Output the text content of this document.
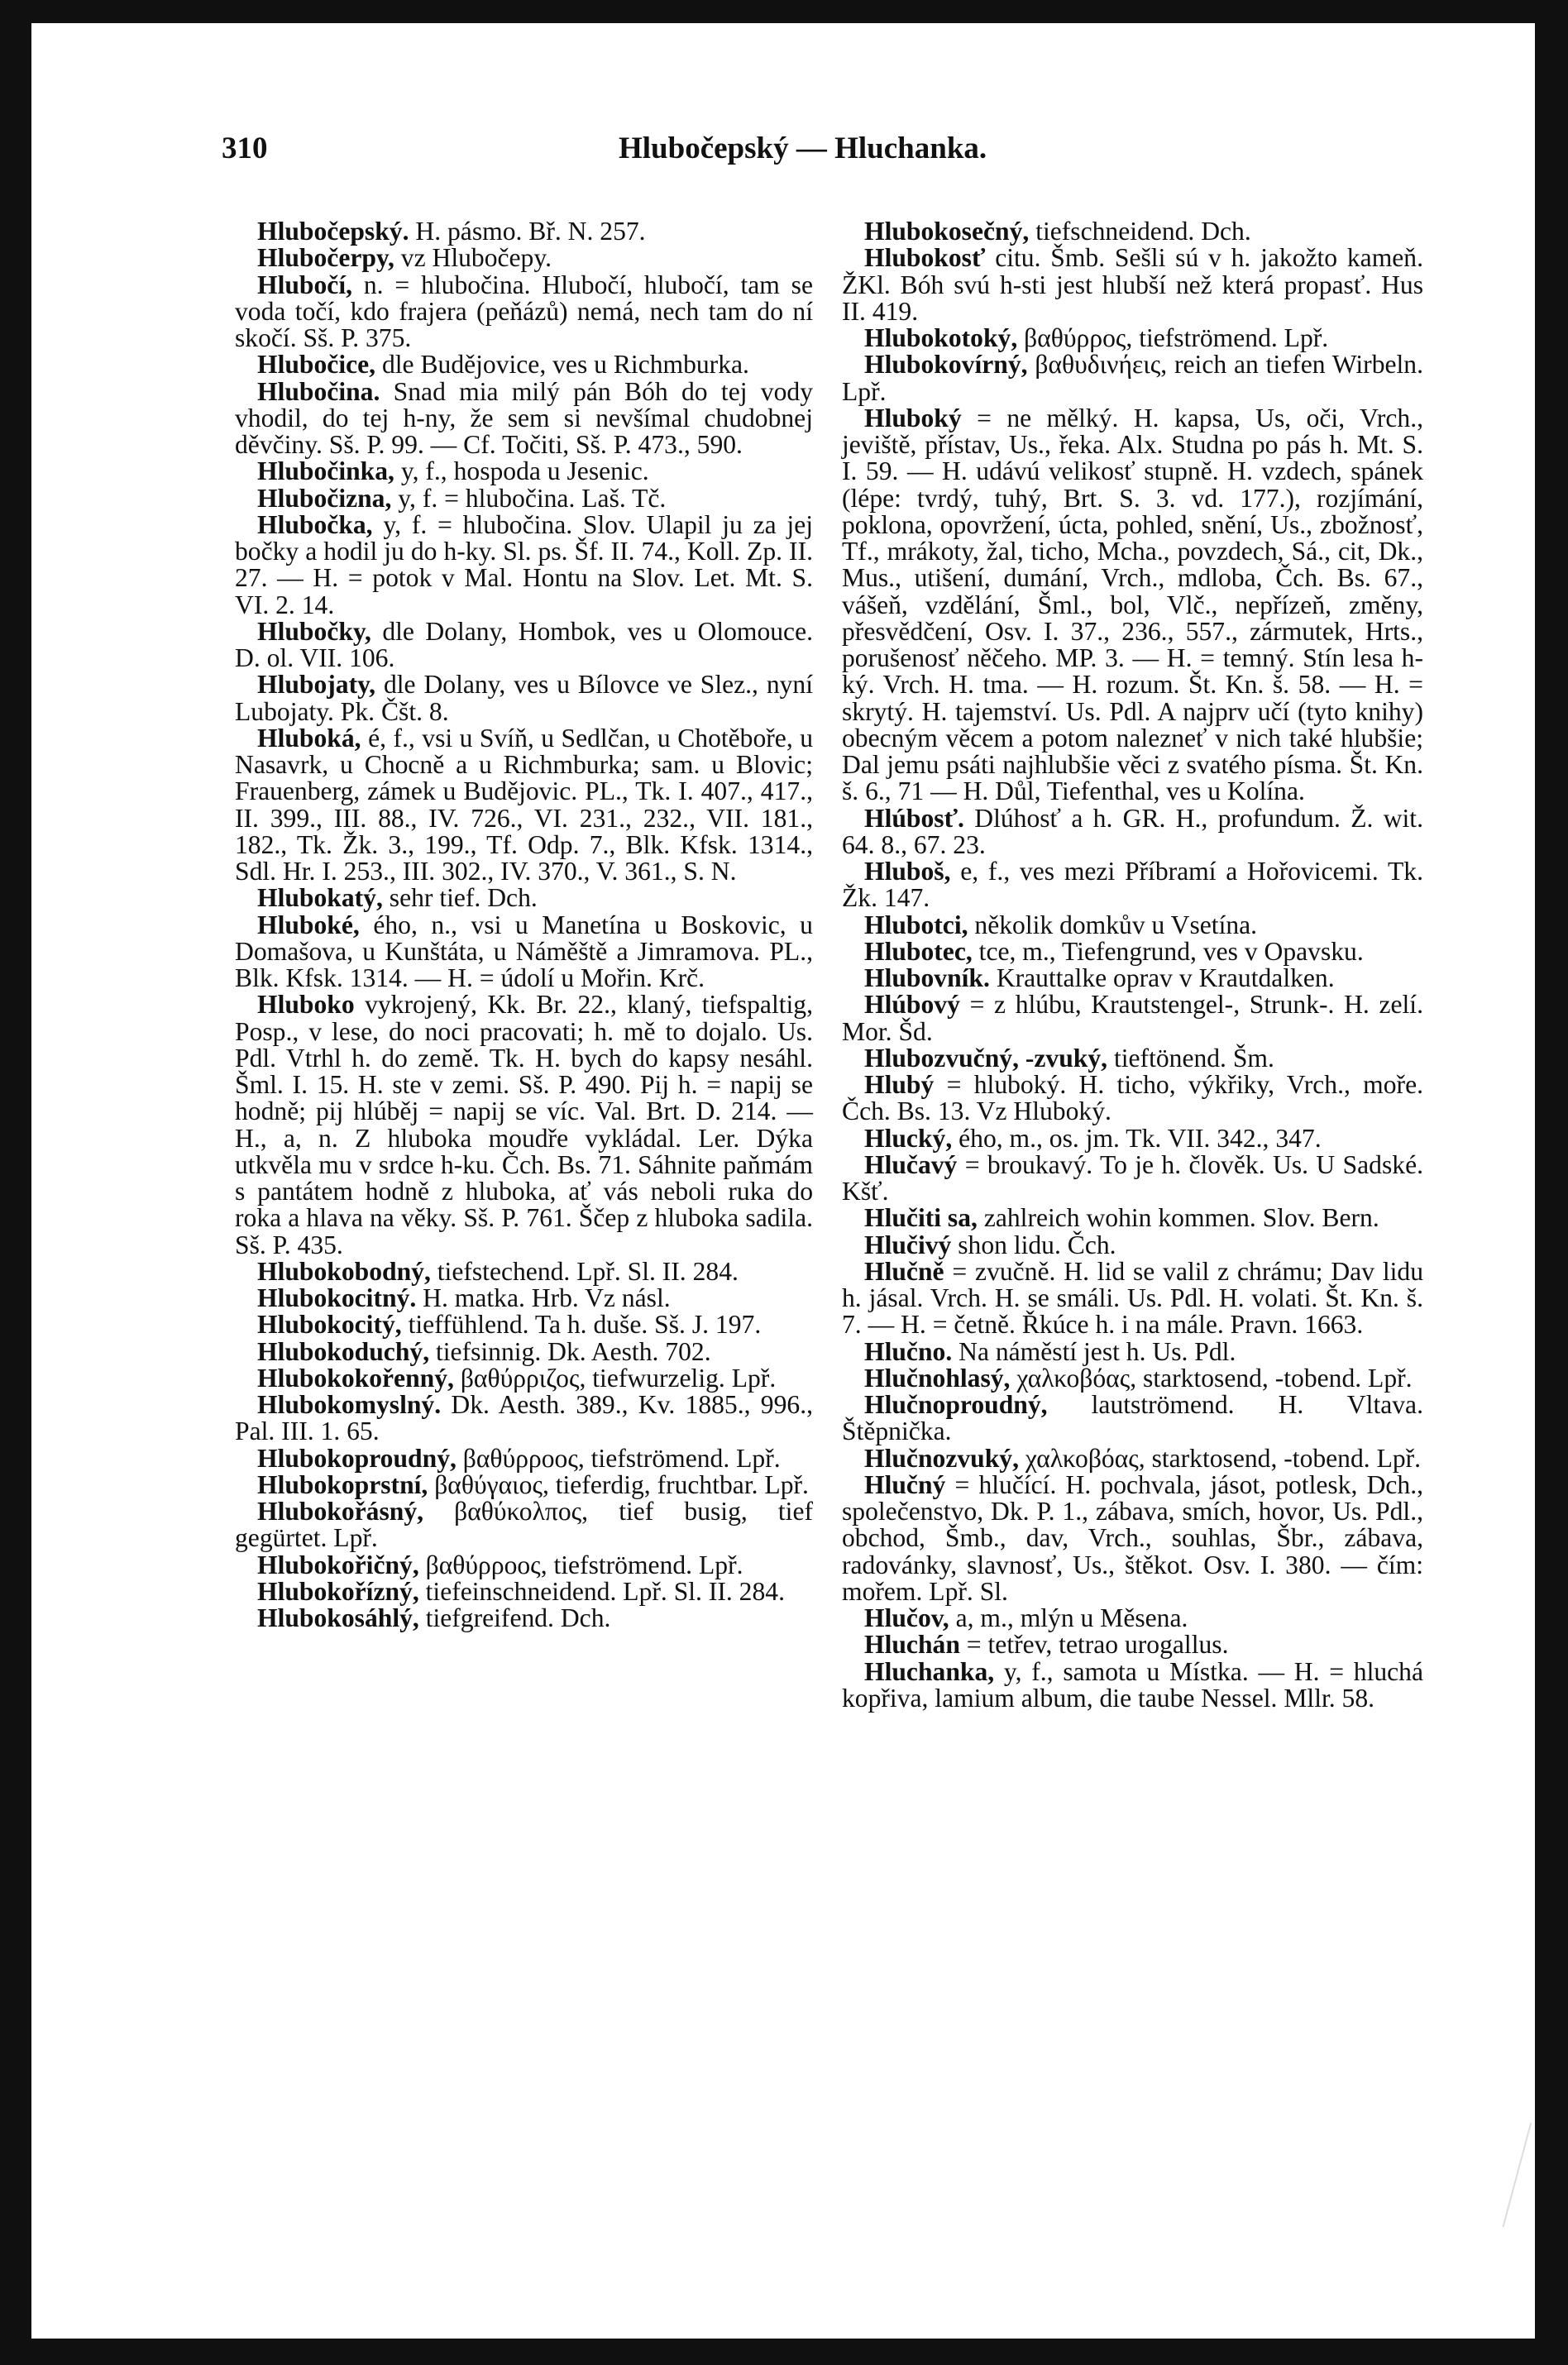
310	Hlubočepský — Hluchanka.

Hlubočepský. H. pásmo. Bř. N. 257.

Hlubočerpy, vz Hlubočepy.

Hlubočí, n. = hlubočina. Hlubočí, hlubočí, tam se voda točí, kdo frajera (peňázů) nemá, nech tam do ní skočí. Sš. P. 375.

Hlubočice, dle Budějovice, ves u Richmburka.

Hlubočina. Snad mia milý pán Bóh do tej vody vhodil, do tej h-ny, že sem si nevšímal chudobnej děvčiny. Sš. P. 99. — Cf. Točiti, Sš. P. 473., 590.

Hlubočinka, y, f., hospoda u Jesenic.

Hlubočizna, y, f. = hlubočina. Laš. Tč.

Hlubočka, y, f. = hlubočina. Slov. Ulapil ju za jej bočky a hodil ju do h-ky. Sl. ps. Šf. II. 74., Koll. Zp. II. 27. — H. = potok v Mal. Hontu na Slov. Let. Mt. S. VI. 2. 14.

Hlubočky, dle Dolany, Hombok, ves u Olomouce. D. ol. VII. 106.

Hlubojaty, dle Dolany, ves u Bílovce ve Slez., nyní Lubojaty. Pk. Čšt. 8.

Hluboká, é, f., vsi u Svíň, u Sedlčan, u Chotěboře, u Nasavrk, u Chocně a u Richmburka; sam. u Blovic; Frauenberg, zámek u Budějovic. PL., Tk. I. 407., 417., II. 399., III. 88., IV. 726., VI. 231., 232., VII. 181., 182., Tk. Žk. 3., 199., Tf. Odp. 7., Blk. Kfsk. 1314., Sdl. Hr. I. 253., III. 302., IV. 370., V. 361., S. N.

Hlubokatý, sehr tief. Dch.

Hluboké, ého, n., vsi u Manetína u Boskovic, u Domašova, u Kunštáta, u Náměště a Jimramova. PL., Blk. Kfsk. 1314. — H. = údolí u Mořin. Krč.

Hluboko vykrojený, Kk. Br. 22., klaný, tiefspaltig, Posp., v lese, do noci pracovati; h. mě to dojalo. Us. Pdl. Vtrhl h. do země. Tk. H. bych do kapsy nesáhl. Šml. I. 15. H. ste v zemi. Sš. P. 490. Pij h. = napij se hodně; pij hlúběj = napij se víc. Val. Brt. D. 214. — H., a, n. Z hluboka moudře vykládal. Ler. Dýka utkvěla mu v srdce h-ku. Čch. Bs. 71. Sáhnite paňmám s pantátem hodně z hluboka, ať vás neboli ruka do roka a hlava na věky. Sš. P. 761. Ščep z hluboka sadila. Sš. P. 435.

Hlubokobodný, tiefstechend. Lpř. Sl. II. 284.

Hlubokocitný. H. matka. Hrb. Vz násl.

Hlubokocitý, tieffühlend. Ta h. duše. Sš. J. 197.

Hlubokoduchý, tiefsinnig. Dk. Aesth. 702.

Hlubokokořenný, βαθύρριζος, tiefwurzelig. Lpř.

Hlubokomyslný. Dk. Aesth. 389., Kv. 1885., 996., Pal. III. 1. 65.

Hlubokoproudný, βαθύρροος, tiefströmend. Lpř.

Hlubokoprstní, βαθύγαιος, tieferdig, fruchtbar. Lpř.

Hlubokořásný, βαθύκολπος, tief busig, tief gegürtet. Lpř.

Hlubokořičný, βαθύρροος, tiefströmend. Lpř.

Hlubokořízný, tiefeinschneidend. Lpř. Sl. II. 284.

Hlubokosáhlý, tiefgreifend. Dch.

Hlubokosečný, tiefschneidend. Dch.

Hlubokosť citu. Šmb. Sešli sú v h. jakožto kameň. ŽKl. Bóh svú h-sti jest hlubší než která propasť. Hus II. 419.

Hlubokotoký, βαθύρρος, tiefströmend. Lpř.

Hlubokovírný, βαθυδινήεις, reich an tiefen Wirbeln. Lpř.

Hluboký = ne mělký. H. kapsa, Us, oči, Vrch., jeviště, přístav, Us., řeka. Alx. Studna po pás h. Mt. S. I. 59. — H. udávú velikosť stupně. H. vzdech, spánek (lépe: tvrdý, tuhý, Brt. S. 3. vd. 177.), rozjímání, poklona, opovržení, úcta, pohled, snění, Us., zbožnosť, Tf., mrákoty, žal, ticho, Mcha., povzdech, Sá., cit, Dk., Mus., utišení, dumání, Vrch., mdloba, Čch. Bs. 67., vášeň, vzdělání, Šml., bol, Vlč., nepřízeň, změny, přesvědčení, Osv. I. 37., 236., 557., zármutek, Hrts., porušenosť něčeho. MP. 3. — H. = temný. Stín lesa h-ký. Vrch. H. tma. — H. rozum. Št. Kn. š. 58. — H. = skrytý. H. tajemství. Us. Pdl. A najprv učí (tyto knihy) obecným věcem a potom nalezneť v nich také hlubšie; Dal jemu psáti najhlubšie věci z svatého písma. Št. Kn. š. 6., 71 — H. Důl, Tiefenthal, ves u Kolína.

Hlúbosť. Dlúhosť a h. GR. H., profundum. Ž. wit. 64. 8., 67. 23.

Hluboš, e, f., ves mezi Příbramí a Hořovicemi. Tk. Žk. 147.

Hlubotci, několik domkův u Vsetína.

Hlubotec, tce, m., Tiefengrund, ves v Opavsku.

Hlubovník. Krauttalke oprav v Krautdalken.

Hlúbový = z hlúbu, Krautstengel-, Strunk-. H. zelí. Mor. Šd.

Hlubozvučný, -zvuký, tieftönend. Šm.

Hlubý = hluboký. H. ticho, výkřiky, Vrch., moře. Čch. Bs. 13. Vz Hluboký.

Hlucký, ého, m., os. jm. Tk. VII. 342., 347.

Hlučavý = broukavý. To je h. člověk. Us. U Sadské. Kšť.

Hlučiti sa, zahlreich wohin kommen. Slov. Bern.

Hlučivý shon lidu. Čch.

Hlučně = zvučně. H. lid se valil z chrámu; Dav lidu h. jásal. Vrch. H. se smáli. Us. Pdl. H. volati. Št. Kn. š. 7. — H. = četně. Řkúce h. i na mále. Pravn. 1663.

Hlučno. Na náměstí jest h. Us. Pdl.

Hlučnohlasý, χαλκοβόας, starktosend, -tobend. Lpř.

Hlučnoproudný, lautströmend. H. Vltava. Štěpnička.

Hlučnozvuký, χαλκοβόας, starktosend, -tobend. Lpř.

Hlučný = hlučící. H. pochvala, jásot, potlesk, Dch., společenstvo, Dk. P. 1., zábava, smích, hovor, Us. Pdl., obchod, Šmb., dav, Vrch., souhlas, Šbr., zábava, radovánky, slavnosť, Us., štěkot. Osv. I. 380. — čím: mořem. Lpř. Sl.

Hlučov, a, m., mlýn u Měsena.

Hluchán = tetřev, tetrao urogallus.

Hluchanka, y, f., samota u Místka. — H. = hluchá kopřiva, lamium album, die taube Nessel. Mllr. 58.
